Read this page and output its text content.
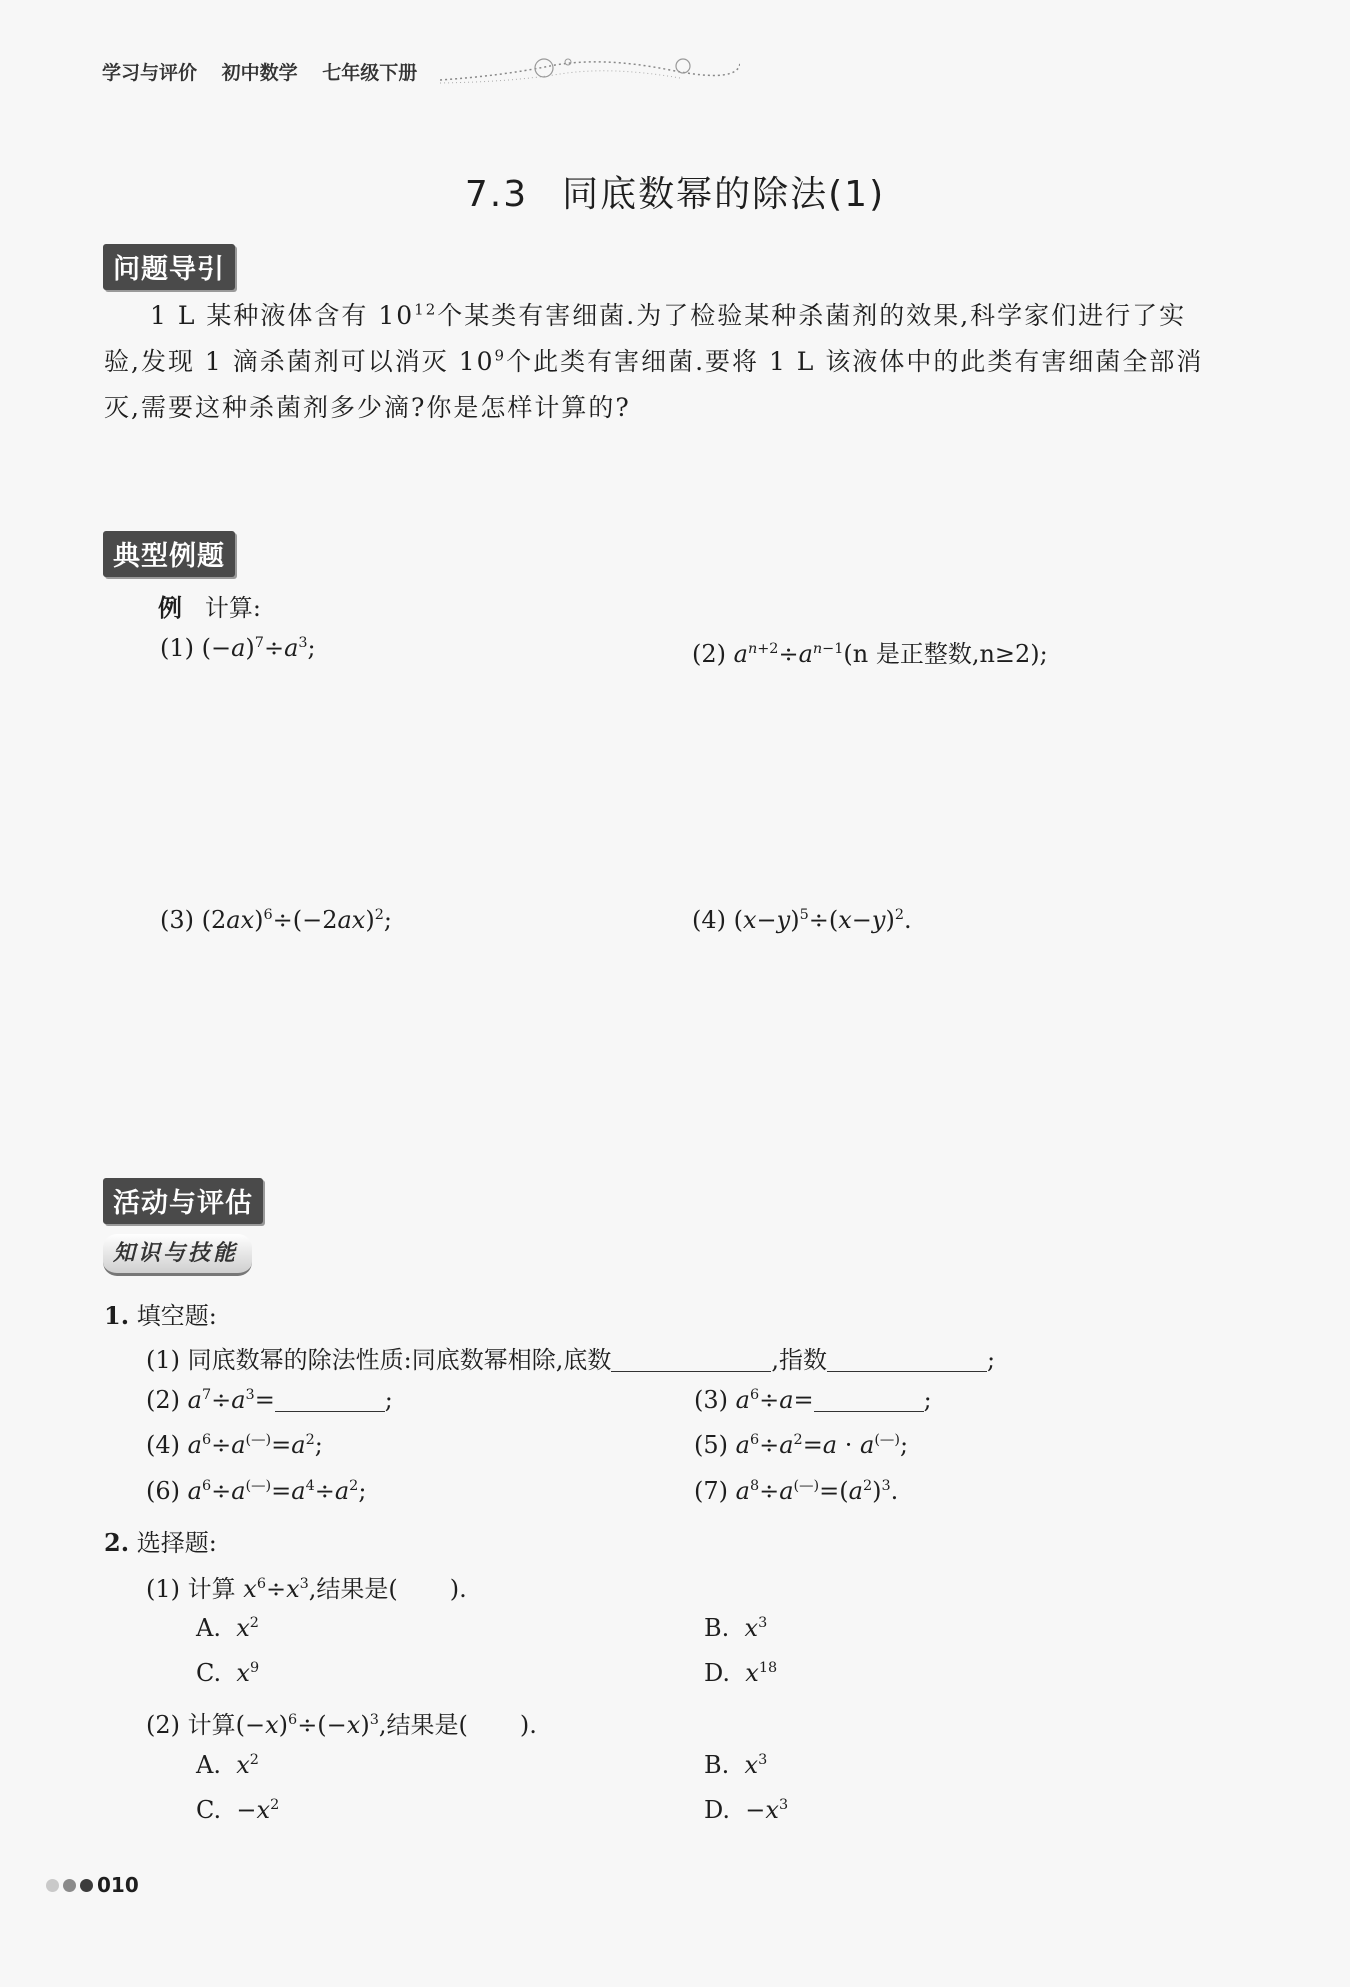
学习与评价 初中数学 七年级下册
7.3 同底数幂的除法(1)
问题导引

1 L 某种液体含有 $10^{12}$个某类有害细菌.为了检验某种杀菌剂的效果,科学家们进行了实验,发现 1 滴杀菌剂可以消灭 $10^9$个此类有害细菌.要将 1 L 该液体中的此类有害细菌全部消灭,需要这种杀菌剂多少滴?你是怎样计算的?

典型例题
例 计算:
(1) $(-a)^7\div a^3$;	(2) $a^{n+2}\div a^{n-1}(n$ 是正整数,n≥2);
(3) $(2ax)^6\div(-2ax)^2$;	(4) $(x-y)^5\div(x-y)^2$.
活动与评估
知识与技能
1. 填空题:
(1) 同底数幂的除法性质:同底数幂相除,底数	,指数	;
(2) $a^7\div a^3=$	;	(3) $a^6\div a=$	;
(4) $a^6\div a^{(—)}=a^2$;	(5) $a^6\div a^2=a \cdot a^{(—)}$;
(6) $a^6\div a^{(—)}=a^4\div a^2$;	(7) $a^8\div a^{(—)}=(a^2)^3$.
2. 选择题:
(1) 计算 $x^6\div x^3$,结果是( ).
A. $x^2$	B. $x^3$
C. $x^9$	D. $x^{18}$
(2) 计算$(-x)^6\div(-x)^3$,结果是( ).
A. $x^2$	B. $x^3$
C.  $-x^2$	D.  $-x^3$
010
